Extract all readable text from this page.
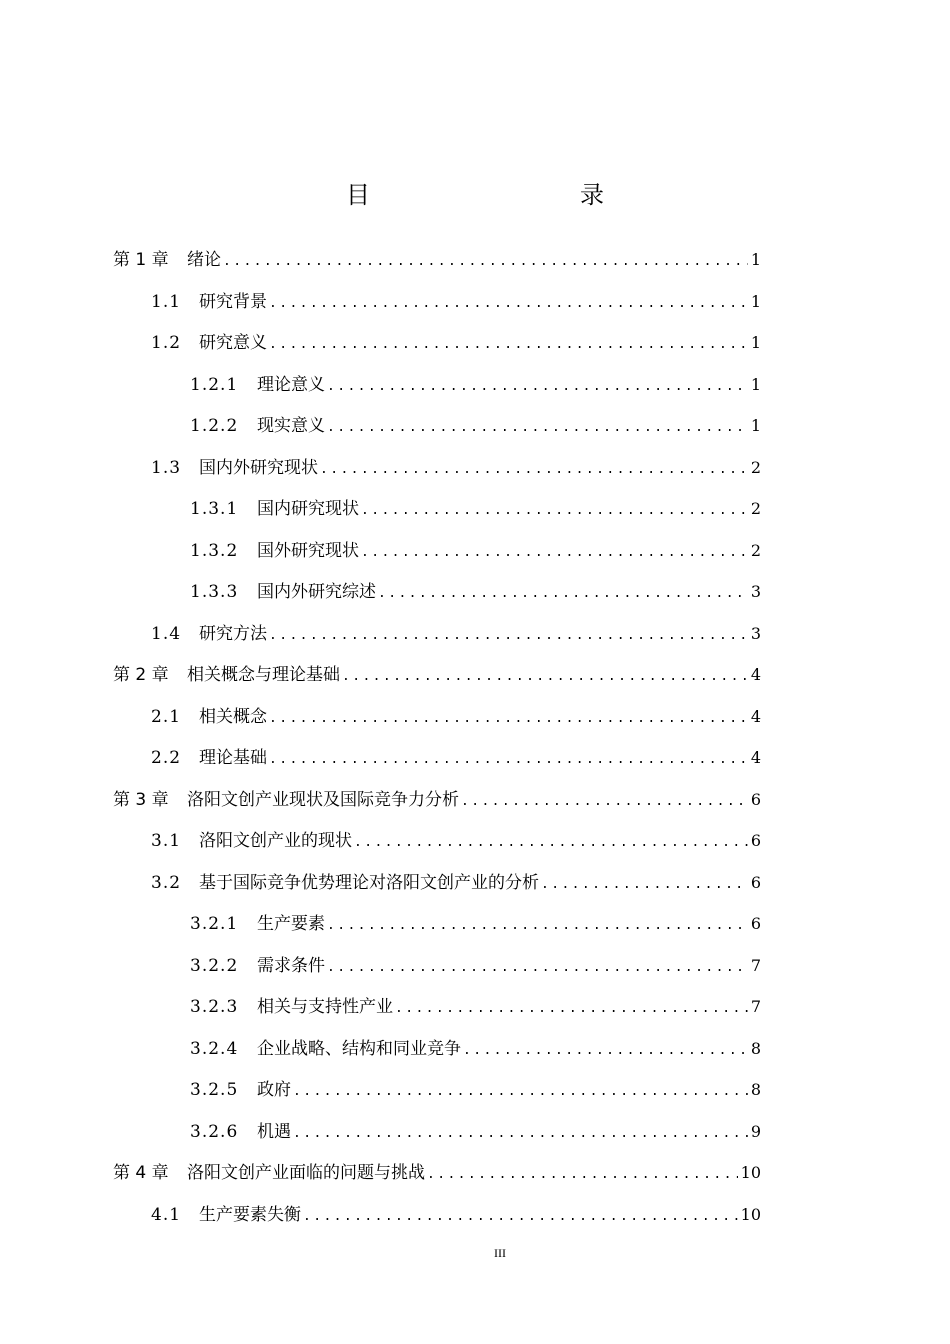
目　　录
第 1 章	绪论 .....	1
1.1	研究背景 .....	1
1.2	研究意义 .....	1
1.2.1	理论意义 .....	1
1.2.2	现实意义 .....	1
1.3	国内外研究现状 .....	2
1.3.1	国内研究现状 .....	2
1.3.2	国外研究现状 .....	2
1.3.3	国内外研究综述 .....	3
1.4	研究方法 .....	3
第 2 章	相关概念与理论基础 .....	4
2.1	相关概念 .....	4
2.2	理论基础 .....	4
第 3 章	洛阳文创产业现状及国际竞争力分析 .....	6
3.1	洛阳文创产业的现状 .....	6
3.2	基于国际竞争优势理论对洛阳文创产业的分析 .....	6
3.2.1	生产要素 .....	6
3.2.2	需求条件 .....	7
3.2.3	相关与支持性产业 .....	7
3.2.4	企业战略、结构和同业竞争 .....	8
3.2.5	政府 .....	8
3.2.6	机遇 .....	9
第 4 章	洛阳文创产业面临的问题与挑战 .....	10
4.1	生产要素失衡 .....	10
III
